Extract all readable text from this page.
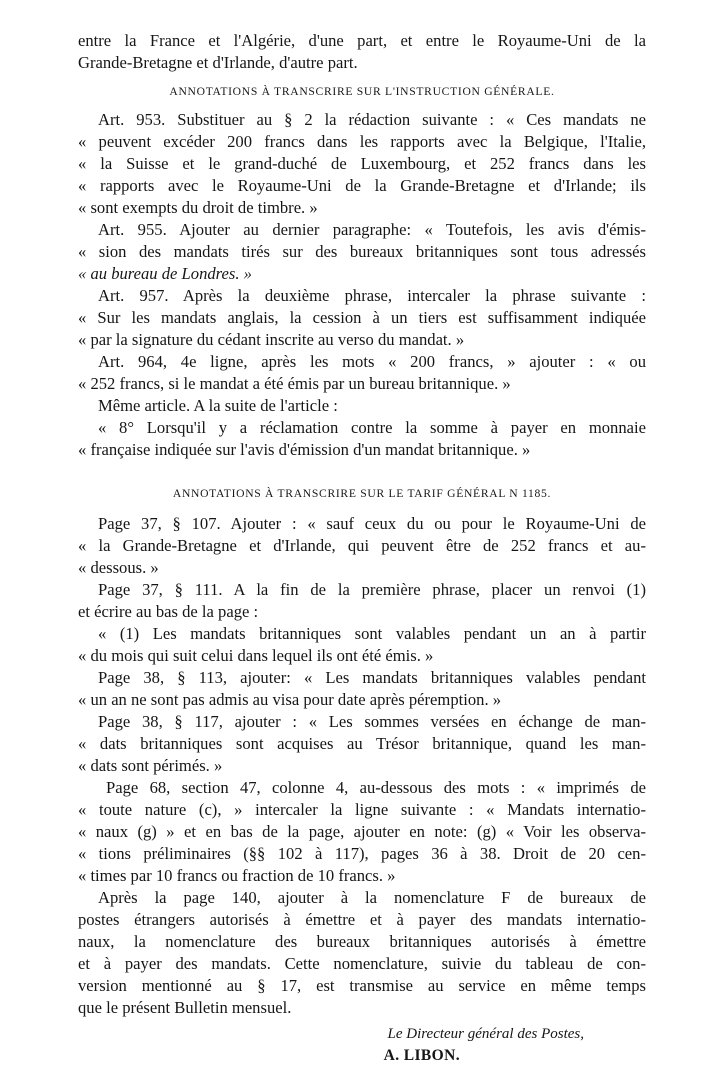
entre la France et l'Algérie, d'une part, et entre le Royaume-Uni de la
Grande-Bretagne et d'Irlande, d'autre part.
ANNOTATIONS À TRANSCRIRE SUR L'INSTRUCTION GÉNÉRALE.
Art. 953. Substituer au § 2 la rédaction suivante : « Ces mandats ne
« peuvent excéder 200 francs dans les rapports avec la Belgique, l'Italie,
« la Suisse et le grand-duché de Luxembourg, et 252 francs dans les
« rapports avec le Royaume-Uni de la Grande-Bretagne et d'Irlande; ils
« sont exempts du droit de timbre. »
Art. 955. Ajouter au dernier paragraphe: « Toutefois, les avis d'émis-
« sion des mandats tirés sur des bureaux britanniques sont tous adressés
« au bureau de Londres. »
Art. 957. Après la deuxième phrase, intercaler la phrase suivante :
« Sur les mandats anglais, la cession à un tiers est suffisamment indiquée
« par la signature du cédant inscrite au verso du mandat. »
Art. 964, 4e ligne, après les mots « 200 francs, » ajouter : « ou
« 252 francs, si le mandat a été émis par un bureau britannique. »
Même article. A la suite de l'article :
« 8° Lorsqu'il y a réclamation contre la somme à payer en monnaie
« française indiquée sur l'avis d'émission d'un mandat britannique. »
ANNOTATIONS À TRANSCRIRE SUR LE TARIF GÉNÉRAL N 1185.
Page 37, § 107. Ajouter : « sauf ceux du ou pour le Royaume-Uni de
« la Grande-Bretagne et d'Irlande, qui peuvent être de 252 francs et au-
« dessous. »
Page 37, § 111. A la fin de la première phrase, placer un renvoi (1)
et écrire au bas de la page :
« (1) Les mandats britanniques sont valables pendant un an à partir
« du mois qui suit celui dans lequel ils ont été émis. »
Page 38, § 113, ajouter: « Les mandats britanniques valables pendant
« un an ne sont pas admis au visa pour date après péremption. »
Page 38, § 117, ajouter : « Les sommes versées en échange de man-
« dats britanniques sont acquises au Trésor britannique, quand les man-
« dats sont périmés. »
Page 68, section 47, colonne 4, au-dessous des mots : « imprimés de
« toute nature (c), » intercaler la ligne suivante : « Mandats internatio-
« naux (g) » et en bas de la page, ajouter en note: (g) « Voir les observa-
« tions préliminaires (§§ 102 à 117), pages 36 à 38. Droit de 20 cen-
« times par 10 francs ou fraction de 10 francs. »
Après la page 140, ajouter à la nomenclature F de bureaux de
postes étrangers autorisés à émettre et à payer des mandats internatio-
naux, la nomenclature des bureaux britanniques autorisés à émettre
et à payer des mandats. Cette nomenclature, suivie du tableau de con-
version mentionné au § 17, est transmise au service en même temps
que le présent Bulletin mensuel.
Le Directeur général des Postes,
A. LIBON.
